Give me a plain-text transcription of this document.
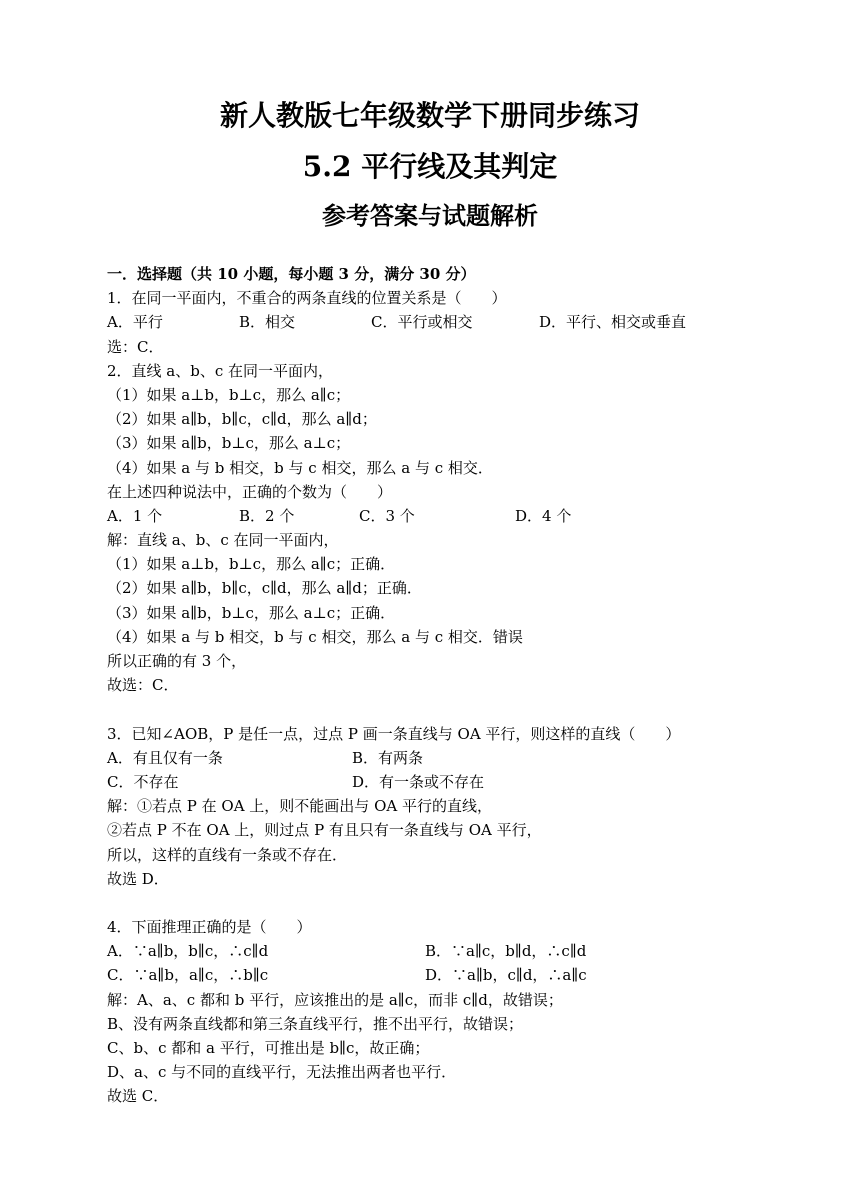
新人教版七年级数学下册同步练习
5.2 平行线及其判定
参考答案与试题解析
一．选择题（共 10 小题，每小题 3 分，满分 30 分）
1．在同一平面内，不重合的两条直线的位置关系是（　　）
A．平行	B．相交	C．平行或相交	D．平行、相交或垂直
选：C．
2．直线 a、b、c 在同一平面内，
（1）如果 a⊥b，b⊥c，那么 a∥c；
（2）如果 a∥b，b∥c，c∥d，那么 a∥d；
（3）如果 a∥b，b⊥c，那么 a⊥c；
（4）如果 a 与 b 相交，b 与 c 相交，那么 a 与 c 相交．
在上述四种说法中，正确的个数为（　　）
A．1 个	B．2 个	C．3 个	D．4 个
解：直线 a、b、c 在同一平面内，
（1）如果 a⊥b，b⊥c，那么 a∥c；正确．
（2）如果 a∥b，b∥c，c∥d，那么 a∥d；正确．
（3）如果 a∥b，b⊥c，那么 a⊥c；正确．
（4）如果 a 与 b 相交，b 与 c 相交，那么 a 与 c 相交．错误
所以正确的有 3 个，
故选：C．
3．已知∠AOB，P 是任一点，过点 P 画一条直线与 OA 平行，则这样的直线（　　）
A．有且仅有一条	B．有两条
C．不存在	D．有一条或不存在
解：①若点 P 在 OA 上，则不能画出与 OA 平行的直线，
②若点 P 不在 OA 上，则过点 P 有且只有一条直线与 OA 平行，
所以，这样的直线有一条或不存在．
故选 D．
4．下面推理正确的是（　　）
A．∵a∥b，b∥c，∴c∥d	B．∵a∥c，b∥d，∴c∥d
C．∵a∥b，a∥c，∴b∥c	D．∵a∥b，c∥d，∴a∥c
解：A、a、c 都和 b 平行，应该推出的是 a∥c，而非 c∥d，故错误；
B、没有两条直线都和第三条直线平行，推不出平行，故错误；
C、b、c 都和 a 平行，可推出是 b∥c，故正确；
D、a、c 与不同的直线平行，无法推出两者也平行．
故选 C．
